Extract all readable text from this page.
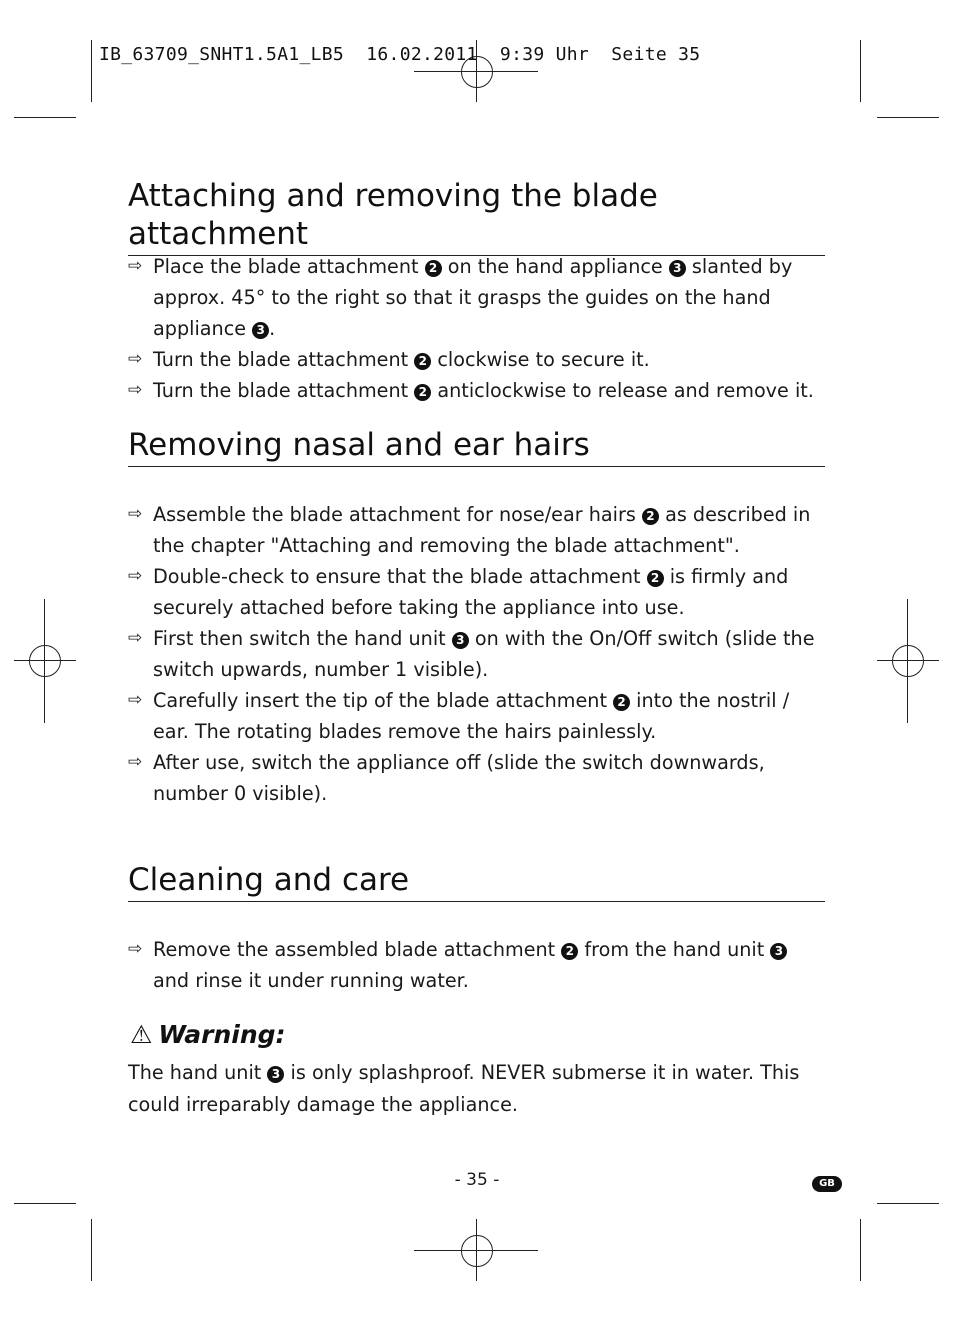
IB_63709_SNHT1.5A1_LB5  16.02.2011  9:39 Uhr  Seite 35
Attaching and removing the blade attachment
⇨ Place the blade attachment 2 on the hand appliance 3 slanted by approx. 45° to the right so that it grasps the guides on the hand appliance 3 .
⇨ Turn the blade attachment 2 clockwise to secure it.
⇨ Turn the blade attachment 2 anticlockwise to release and remove it.
Removing nasal and ear hairs
⇨ Assemble the blade attachment for nose/ear hairs 2 as described in the chapter "Attaching and removing the blade attachment".
⇨ Double-check to ensure that the blade attachment 2 is firmly and securely attached before taking the appliance into use.
⇨ First then switch the hand unit 3 on with the On/Off switch (slide the switch upwards, number 1 visible).
⇨ Carefully insert the tip of the blade attachment 2 into the nostril / ear. The rotating blades remove the hairs painlessly.
⇨ After use, switch the appliance off (slide the switch downwards, number 0 visible).
Cleaning and care
⇨ Remove the assembled blade attachment 2 from the hand unit 3 and rinse it under running water.
⚠ Warning:

The hand unit 3 is only splashproof. NEVER submerse it in water. This could irreparably damage the appliance.

- 35 -	GB
